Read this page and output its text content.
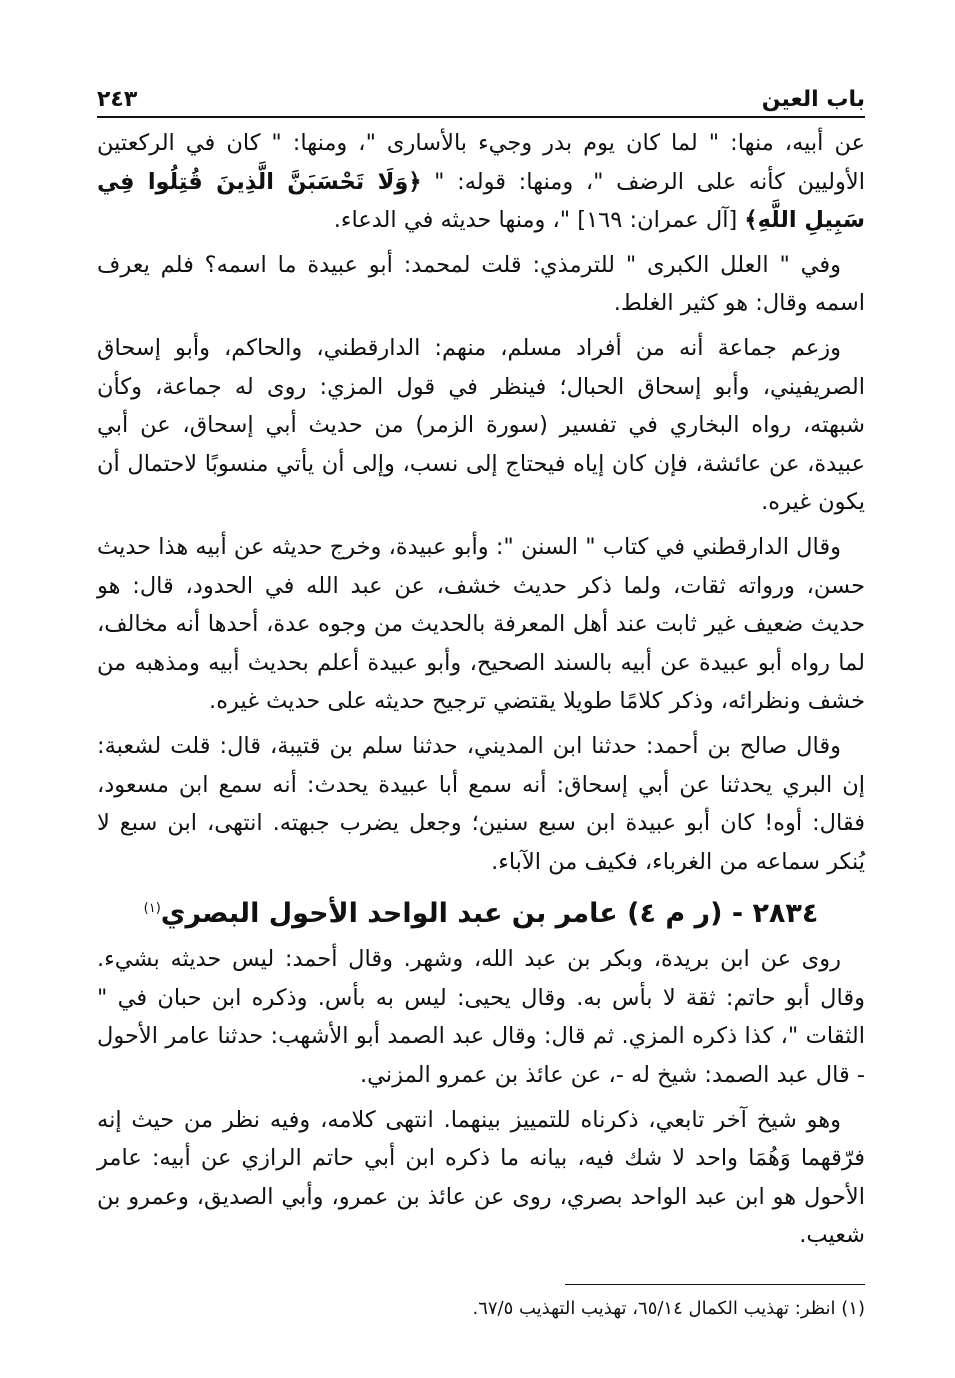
باب العين
٢٤٣

عن أبيه، منها: " لما كان يوم بدر وجيء بالأسارى "، ومنها: " كان في الركعتين الأوليين كأنه على الرضف "، ومنها: قوله: " ﴿وَلَا تَحْسَبَنَّ الَّذِينَ قُتِلُوا فِي سَبِيلِ اللَّهِ﴾ [آل عمران: ١٦٩] "، ومنها حديثه في الدعاء.

وفي " العلل الكبرى " للترمذي: قلت لمحمد: أبو عبيدة ما اسمه؟ فلم يعرف اسمه وقال: هو كثير الغلط.

وزعم جماعة أنه من أفراد مسلم، منهم: الدارقطني، والحاكم، وأبو إسحاق الصريفيني، وأبو إسحاق الحبال؛ فينظر في قول المزي: روى له جماعة، وكأن شبهته، رواه البخاري في تفسير (سورة الزمر) من حديث أبي إسحاق، عن أبي عبيدة، عن عائشة، فإن كان إياه فيحتاج إلى نسب، وإلى أن يأتي منسوبًا لاحتمال أن يكون غيره.

وقال الدارقطني في كتاب " السنن ": وأبو عبيدة، وخرج حديثه عن أبيه هذا حديث حسن، ورواته ثقات، ولما ذكر حديث خشف، عن عبد الله في الحدود، قال: هو حديث ضعيف غير ثابت عند أهل المعرفة بالحديث من وجوه عدة، أحدها أنه مخالف، لما رواه أبو عبيدة عن أبيه بالسند الصحيح، وأبو عبيدة أعلم بحديث أبيه ومذهبه من خشف ونظرائه، وذكر كلامًا طويلا يقتضي ترجيح حديثه على حديث غيره.

وقال صالح بن أحمد: حدثنا ابن المديني، حدثنا سلم بن قتيبة، قال: قلت لشعبة: إن البري يحدثنا عن أبي إسحاق: أنه سمع أبا عبيدة يحدث: أنه سمع ابن مسعود، فقال: أوه! كان أبو عبيدة ابن سبع سنين؛ وجعل يضرب جبهته. انتهى، ابن سبع لا يُنكر سماعه من الغرباء، فكيف من الآباء.

٢٨٣٤ - (ر م ٤) عامر بن عبد الواحد الأحول البصري$^{(١)}$

روى عن ابن بريدة، وبكر بن عبد الله، وشهر. وقال أحمد: ليس حديثه بشيء. وقال أبو حاتم: ثقة لا بأس به. وقال يحيى: ليس به بأس. وذكره ابن حبان في " الثقات "، كذا ذكره المزي. ثم قال: وقال عبد الصمد أبو الأشهب: حدثنا عامر الأحول - قال عبد الصمد: شيخ له -، عن عائذ بن عمرو المزني.

وهو شيخ آخر تابعي، ذكرناه للتمييز بينهما. انتهى كلامه، وفيه نظر من حيث إنه فرّقهما وَهُمَا واحد لا شك فيه، بيانه ما ذكره ابن أبي حاتم الرازي عن أبيه: عامر الأحول هو ابن عبد الواحد بصري، روى عن عائذ بن عمرو، وأبي الصديق، وعمرو بن شعيب.

(١) انظر: تهذيب الكمال ٦٥/١٤، تهذيب التهذيب ٦٧/٥.
